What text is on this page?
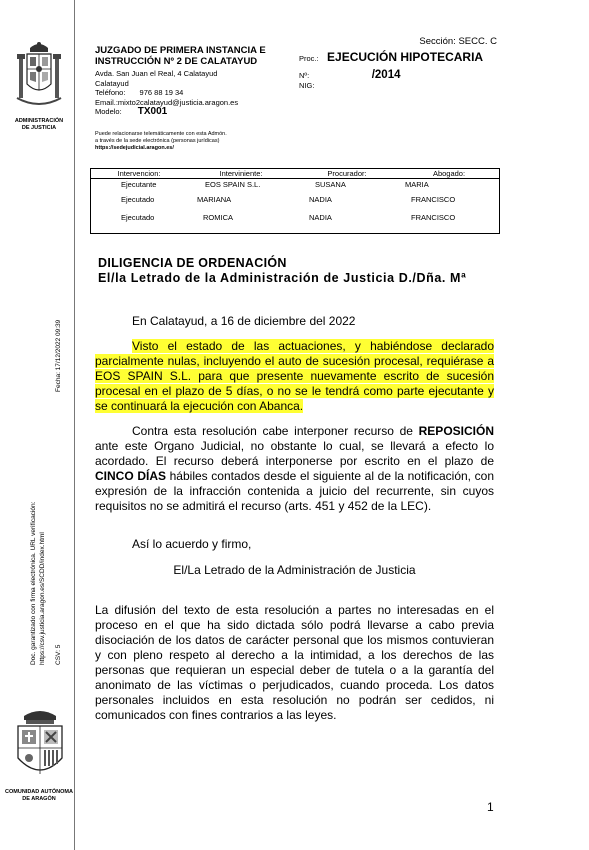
ADMINISTRACIÓN
DE JUSTICIA
Fecha: 17/12/2022 09:39
Doc. garantizado con firma electrónica. URL verificación: https://csv.justicia.aragon.es/SCDD/index.html CSV: 5
COMUNIDAD AUTÓNOMA
DE ARAGÓN
Sección: SECC. C
JUZGADO DE PRIMERA INSTANCIA E
INSTRUCCIÓN Nº 2 DE CALATAYUD
Avda. San Juan el Real, 4 Calatayud
Calatayud
Teléfono: 976 88 19 34
Email.:mixto2calatayud@justicia.aragon.es
Modelo: TX001
Proc.: EJECUCIÓN HIPOTECARIA
Nº:	/2014
NIG:
Puede relacionarse telemáticamente con esta Admón.
a través de la sede electrónica (personas jurídicas)
https://sedejudicial.aragon.es/
Intervencion:	Interviniente:	Procurador:	Abogado:
Ejecutante	EOS SPAIN S.L.	SUSANA	MARIA
Ejecutado	MARIANA	NADIA	FRANCISCO
Ejecutado	ROMICA	NADIA	FRANCISCO
DILIGENCIA DE ORDENACIÓN
El/la Letrado de la Administración de Justicia D./Dña. Mª
En Calatayud, a 16 de diciembre del 2022
Visto el estado de las actuaciones, y habiéndose declarado parcialmente nulas, incluyendo el auto de sucesión procesal, requiérase a EOS SPAIN S.L. para que presente nuevamente escrito de sucesión procesal en el plazo de 5 días, o no se le tendrá como parte ejecutante y se continuará la ejecución con Abanca.
Contra esta resolución cabe interponer recurso de REPOSICIÓN ante este Organo Judicial, no obstante lo cual, se llevará a efecto lo acordado. El recurso deberá interponerse por escrito en el plazo de CINCO DÍAS hábiles contados desde el siguiente al de la notificación, con expresión de la infracción contenida a juicio del recurrente, sin cuyos requisitos no se admitirá el recurso (arts. 451 y 452 de la LEC).
Así lo acuerdo y firmo,
El/La Letrado de la Administración de Justicia
La difusión del texto de esta resolución a partes no interesadas en el proceso en el que ha sido dictada sólo podrá llevarse a cabo previa disociación de los datos de carácter personal que los mismos contuvieran y con pleno respeto al derecho a la intimidad, a los derechos de las personas que requieran un especial deber de tutela o a la garantía del anonimato de las víctimas o perjudicados, cuando proceda. Los datos personales incluidos en esta resolución no podrán ser cedidos, ni comunicados con fines contrarios a las leyes.
1
